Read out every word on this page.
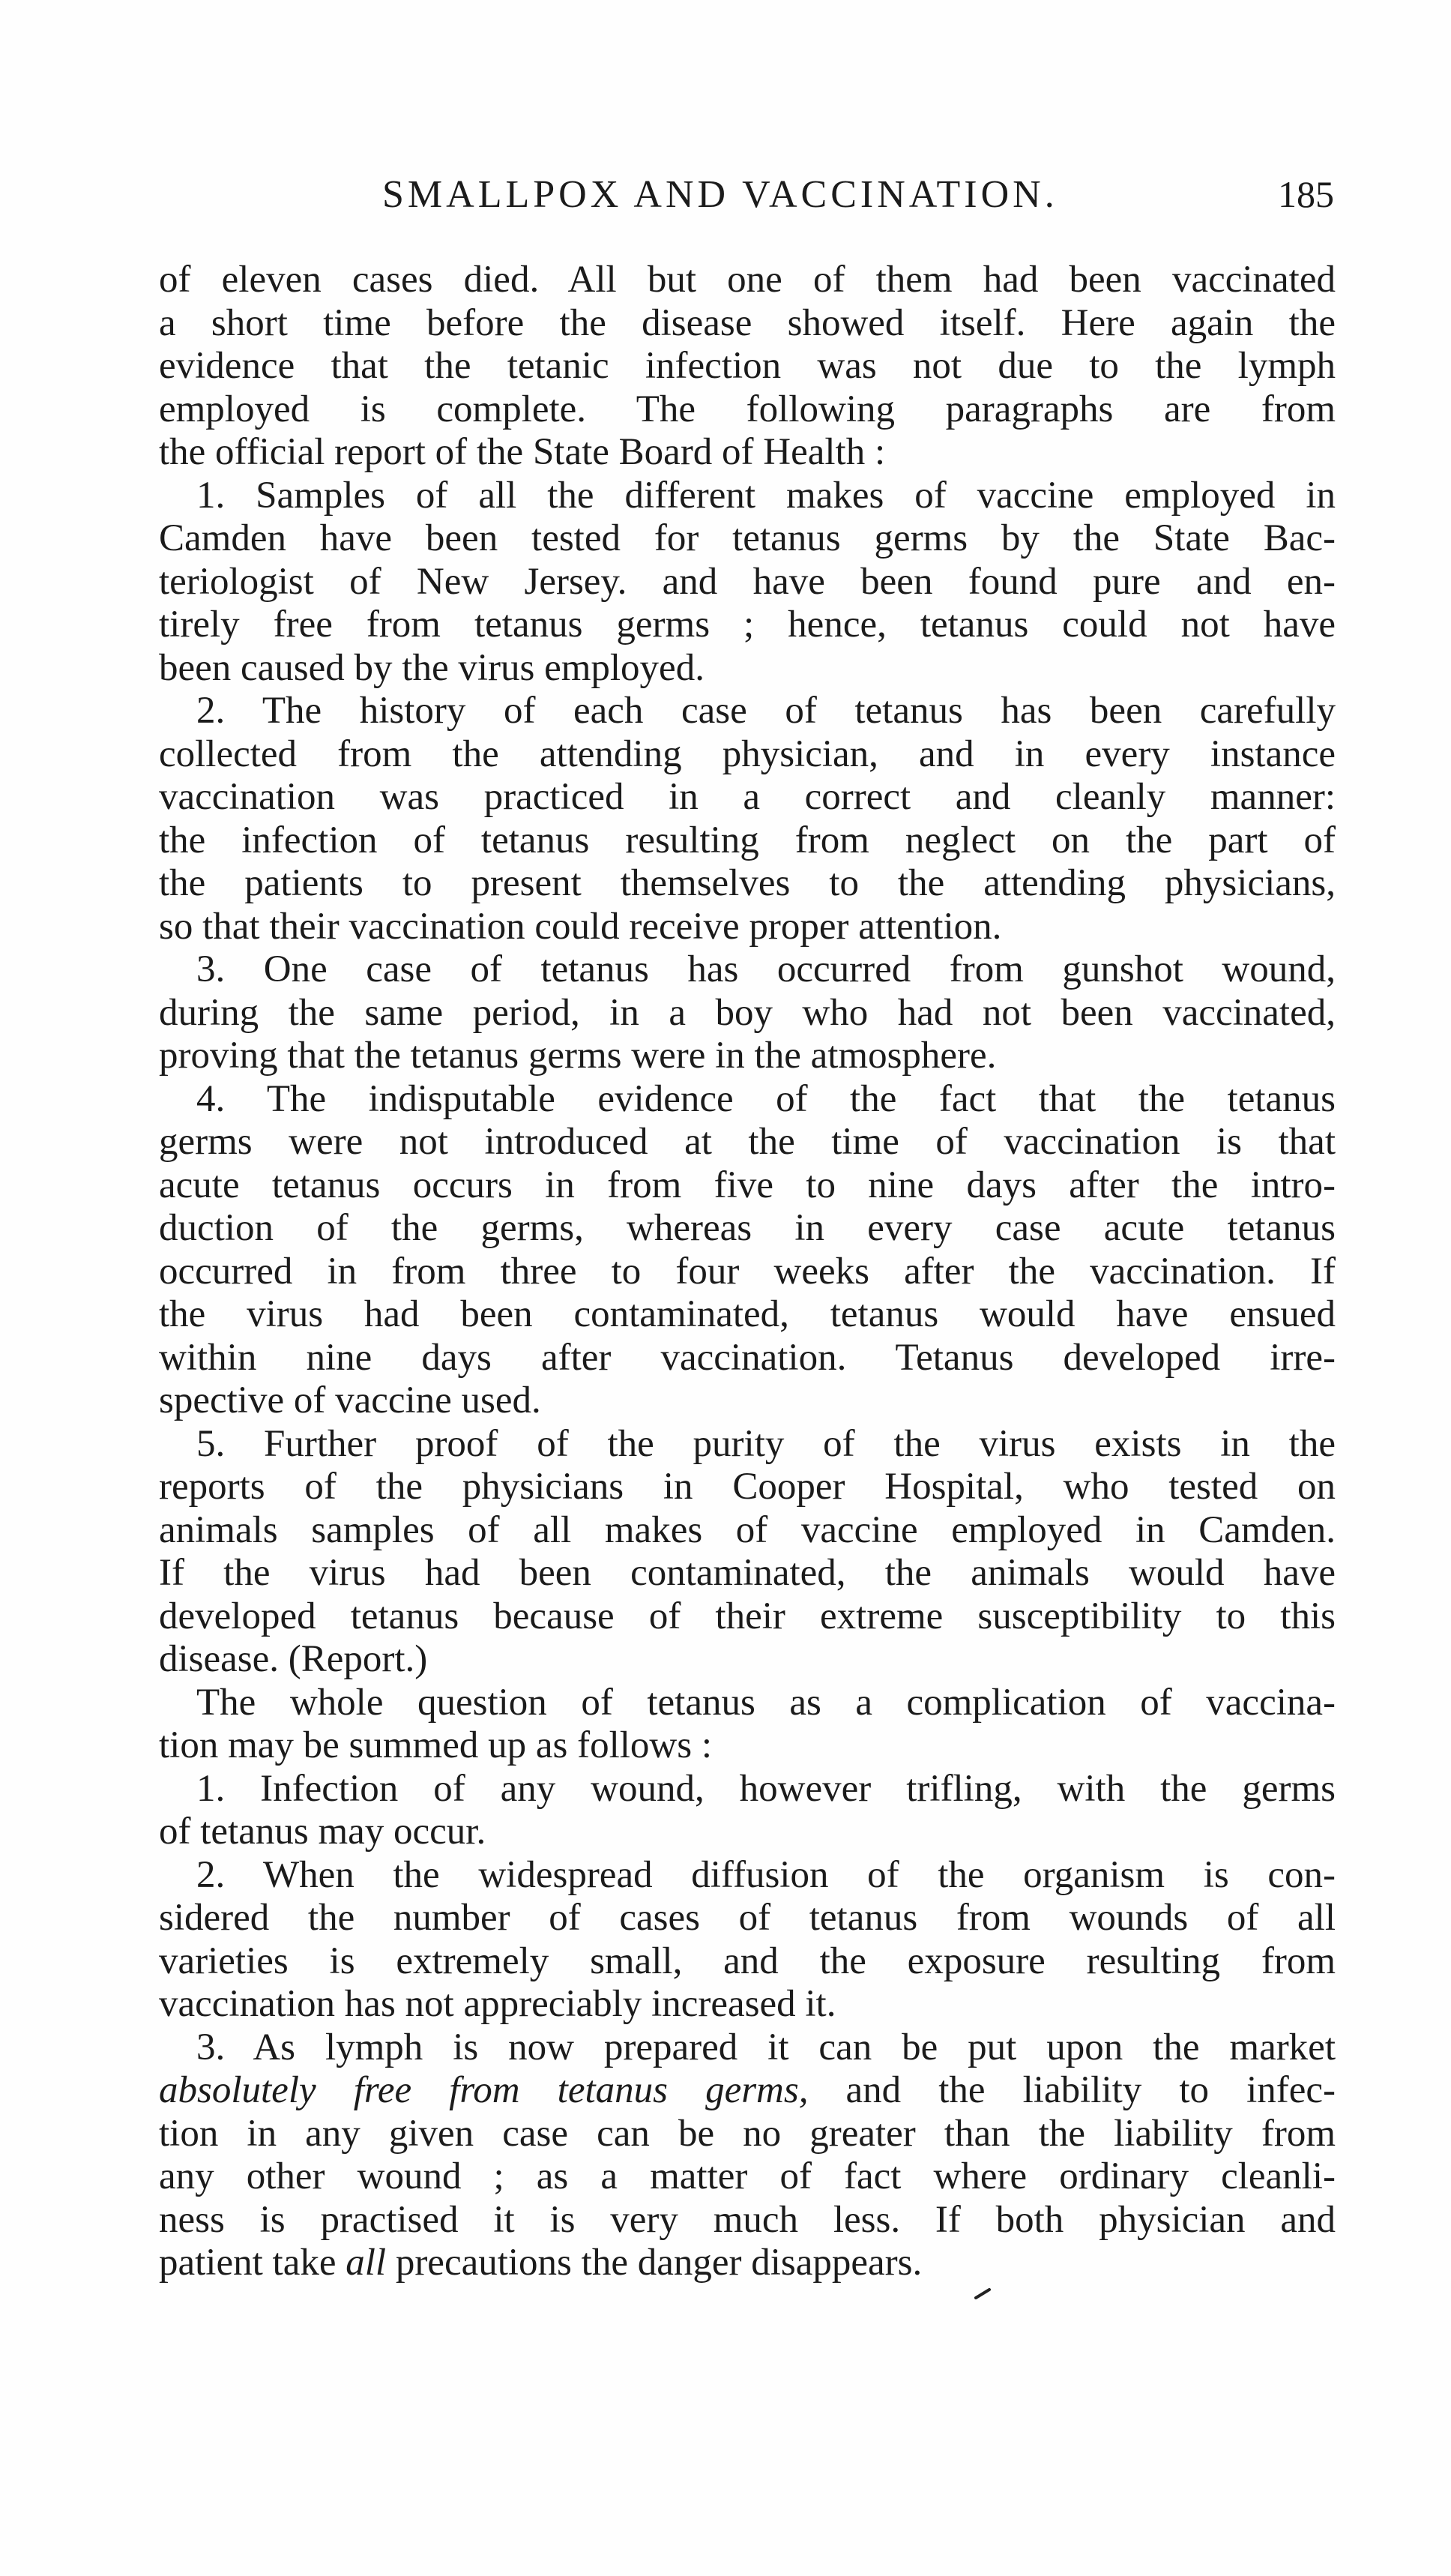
SMALLPOX AND VACCINATION.	185
of eleven cases died. All but one of them had been vaccinated
a short time before the disease showed itself. Here again the
evidence that the tetanic infection was not due to the lymph
employed is complete. The following paragraphs are from
the official report of the State Board of Health :
1. Samples of all the different makes of vaccine employed in
Camden have been tested for tetanus germs by the State Bac-
teriologist of New Jersey. and have been found pure and en-
tirely free from tetanus germs ; hence, tetanus could not have
been caused by the virus employed.
2. The history of each case of tetanus has been carefully
collected from the attending physician, and in every instance
vaccination was practiced in a correct and cleanly manner:
the infection of tetanus resulting from neglect on the part of
the patients to present themselves to the attending physicians,
so that their vaccination could receive proper attention.
3. One case of tetanus has occurred from gunshot wound,
during the same period, in a boy who had not been vaccinated,
proving that the tetanus germs were in the atmosphere.
4. The indisputable evidence of the fact that the tetanus
germs were not introduced at the time of vaccination is that
acute tetanus occurs in from five to nine days after the intro-
duction of the germs, whereas in every case acute tetanus
occurred in from three to four weeks after the vaccination. If
the virus had been contaminated, tetanus would have ensued
within nine days after vaccination. Tetanus developed irre-
spective of vaccine used.
5. Further proof of the purity of the virus exists in the
reports of the physicians in Cooper Hospital, who tested on
animals samples of all makes of vaccine employed in Camden.
If the virus had been contaminated, the animals would have
developed tetanus because of their extreme susceptibility to this
disease. (Report.)
The whole question of tetanus as a complication of vaccina-
tion may be summed up as follows :
1. Infection of any wound, however trifling, with the germs
of tetanus may occur.
2. When the widespread diffusion of the organism is con-
sidered the number of cases of tetanus from wounds of all
varieties is extremely small, and the exposure resulting from
vaccination has not appreciably increased it.
3. As lymph is now prepared it can be put upon the market
absolutely free from tetanus germs, and the liability to infec-
tion in any given case can be no greater than the liability from
any other wound ; as a matter of fact where ordinary cleanli-
ness is practised it is very much less. If both physician and
patient take all precautions the danger disappears.
